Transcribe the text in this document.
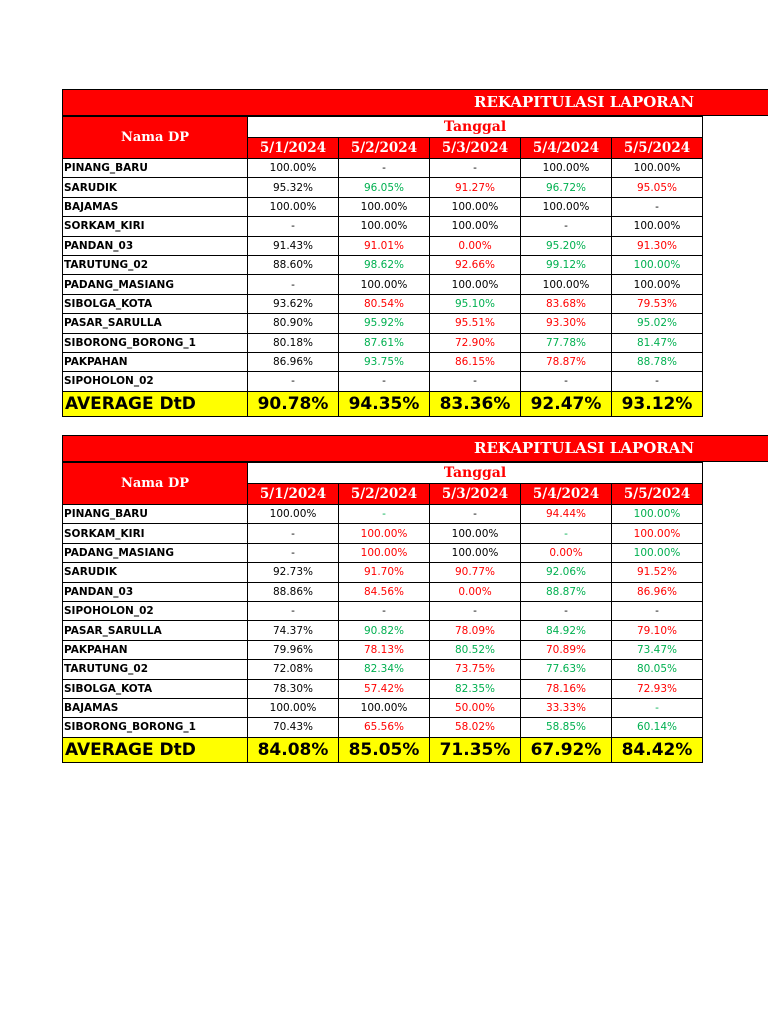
REKAPITULASI LAPORAN
Nama DP	Tanggal				
	5/1/2024	5/2/2024	5/3/2024	5/4/2024	5/5/2024
PINANG_BARU	100.00%	-	-	100.00%	100.00%
SARUDIK	95.32%	96.05%	91.27%	96.72%	95.05%
BAJAMAS	100.00%	100.00%	100.00%	100.00%	-
SORKAM_KIRI	-	100.00%	100.00%	-	100.00%
PANDAN_03	91.43%	91.01%	0.00%	95.20%	91.30%
TARUTUNG_02	88.60%	98.62%	92.66%	99.12%	100.00%
PADANG_MASIANG	-	100.00%	100.00%	100.00%	100.00%
SIBOLGA_KOTA	93.62%	80.54%	95.10%	83.68%	79.53%
PASAR_SARULLA	80.90%	95.92%	95.51%	93.30%	95.02%
SIBORONG_BORONG_1	80.18%	87.61%	72.90%	77.78%	81.47%
PAKPAHAN	86.96%	93.75%	86.15%	78.87%	88.78%
SIPOHOLON_02	-	-	-	-	-
AVERAGE DtD	90.78%	94.35%	83.36%	92.47%	93.12%
REKAPITULASI LAPORAN
Nama DP	Tanggal				
	5/1/2024	5/2/2024	5/3/2024	5/4/2024	5/5/2024
PINANG_BARU	100.00%	-	-	94.44%	100.00%
SORKAM_KIRI	-	100.00%	100.00%	-	100.00%
PADANG_MASIANG	-	100.00%	100.00%	0.00%	100.00%
SARUDIK	92.73%	91.70%	90.77%	92.06%	91.52%
PANDAN_03	88.86%	84.56%	0.00%	88.87%	86.96%
SIPOHOLON_02	-	-	-	-	-
PASAR_SARULLA	74.37%	90.82%	78.09%	84.92%	79.10%
PAKPAHAN	79.96%	78.13%	80.52%	70.89%	73.47%
TARUTUNG_02	72.08%	82.34%	73.75%	77.63%	80.05%
SIBOLGA_KOTA	78.30%	57.42%	82.35%	78.16%	72.93%
BAJAMAS	100.00%	100.00%	50.00%	33.33%	-
SIBORONG_BORONG_1	70.43%	65.56%	58.02%	58.85%	60.14%
AVERAGE DtD	84.08%	85.05%	71.35%	67.92%	84.42%
